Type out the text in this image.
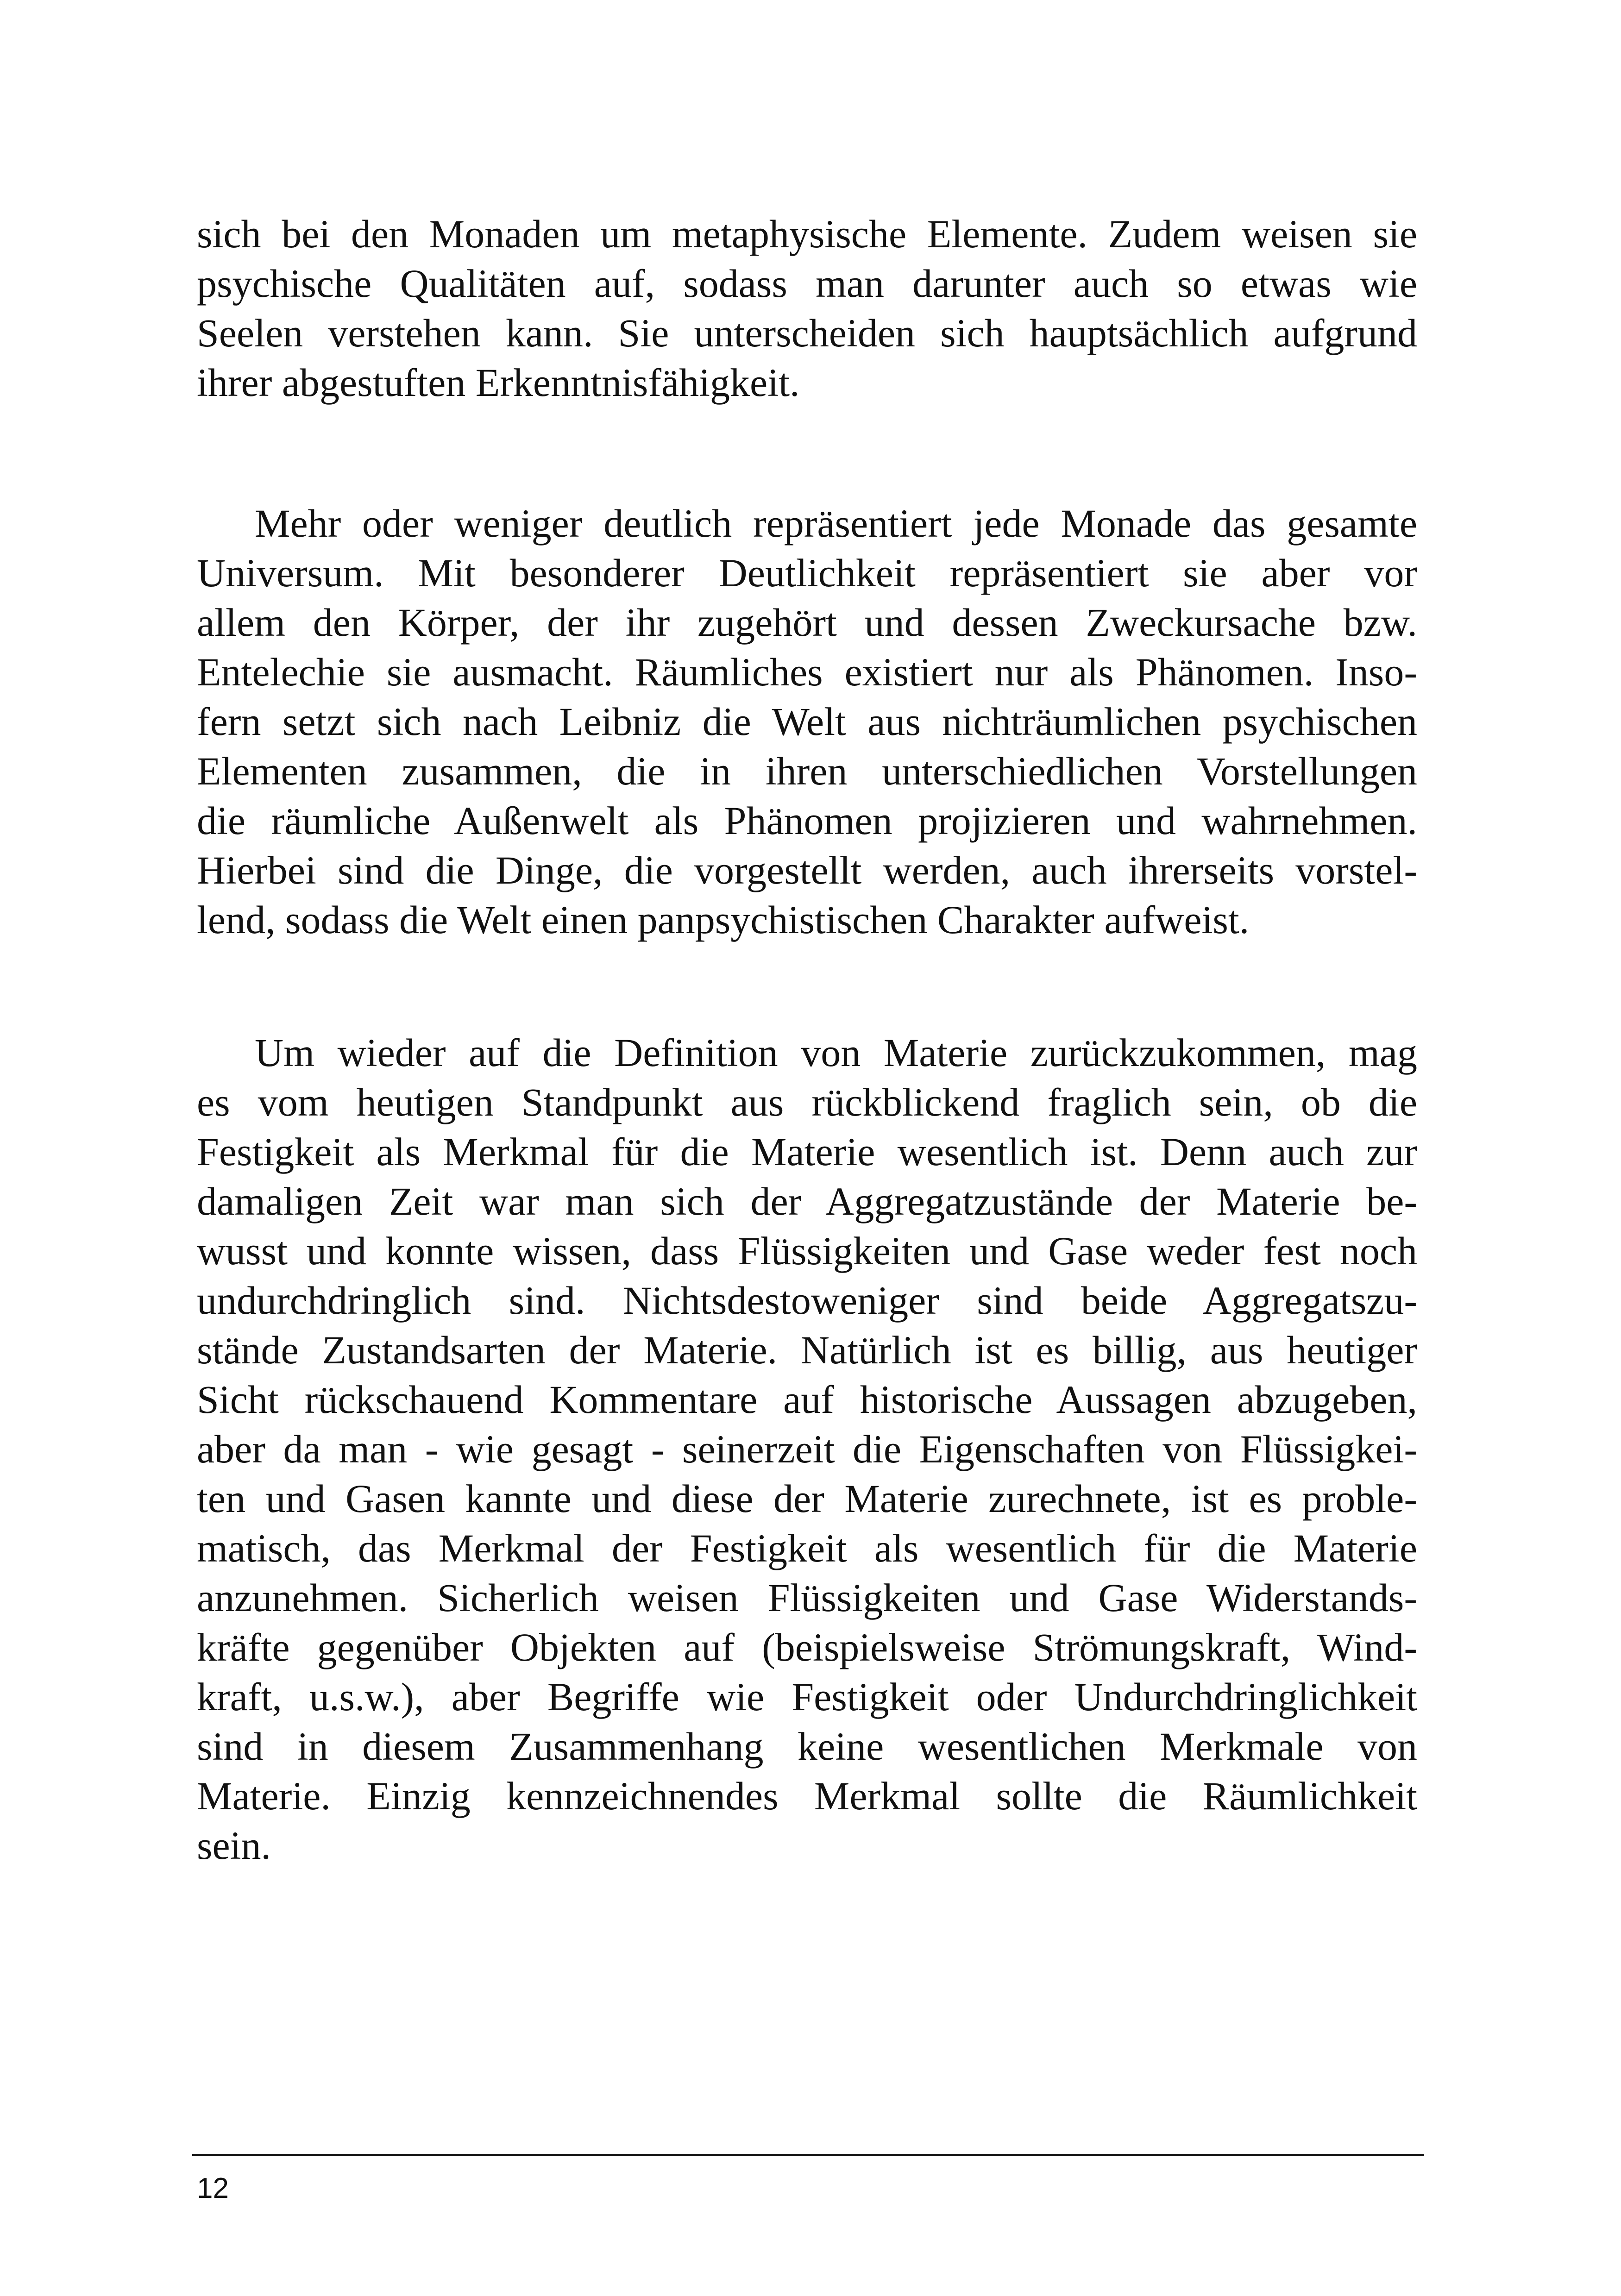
sich bei den Monaden um metaphysische Elemente. Zudem weisen sie
psychische Qualitäten auf, sodass man darunter auch so etwas wie
Seelen verstehen kann. Sie unterscheiden sich hauptsächlich aufgrund
ihrer abgestuften Erkenntnisfähigkeit.
Mehr oder weniger deutlich repräsentiert jede Monade das gesamte
Universum. Mit besonderer Deutlichkeit repräsentiert sie aber vor
allem den Körper, der ihr zugehört und dessen Zweckursache bzw.
Entelechie sie ausmacht. Räumliches existiert nur als Phänomen. Inso-
fern setzt sich nach Leibniz die Welt aus nichträumlichen psychischen
Elementen zusammen, die in ihren unterschiedlichen Vorstellungen
die räumliche Außenwelt als Phänomen projizieren und wahrnehmen.
Hierbei sind die Dinge, die vorgestellt werden, auch ihrerseits vorstel-
lend, sodass die Welt einen panpsychistischen Charakter aufweist.
Um wieder auf die Definition von Materie zurückzukommen, mag
es vom heutigen Standpunkt aus rückblickend fraglich sein, ob die
Festigkeit als Merkmal für die Materie wesentlich ist. Denn auch zur
damaligen Zeit war man sich der Aggregatzustände der Materie be-
wusst und konnte wissen, dass Flüssigkeiten und Gase weder fest noch
undurchdringlich sind. Nichtsdestoweniger sind beide Aggregatszu-
stände Zustandsarten der Materie. Natürlich ist es billig, aus heutiger
Sicht rückschauend Kommentare auf historische Aussagen abzugeben,
aber da man - wie gesagt - seinerzeit die Eigenschaften von Flüssigkei-
ten und Gasen kannte und diese der Materie zurechnete, ist es proble-
matisch, das Merkmal der Festigkeit als wesentlich für die Materie
anzunehmen. Sicherlich weisen Flüssigkeiten und Gase Widerstands-
kräfte gegenüber Objekten auf (beispielsweise Strömungskraft, Wind-
kraft, u.s.w.), aber Begriffe wie Festigkeit oder Undurchdringlichkeit
sind in diesem Zusammenhang keine wesentlichen Merkmale von
Materie. Einzig kennzeichnendes Merkmal sollte die Räumlichkeit
sein.
12
